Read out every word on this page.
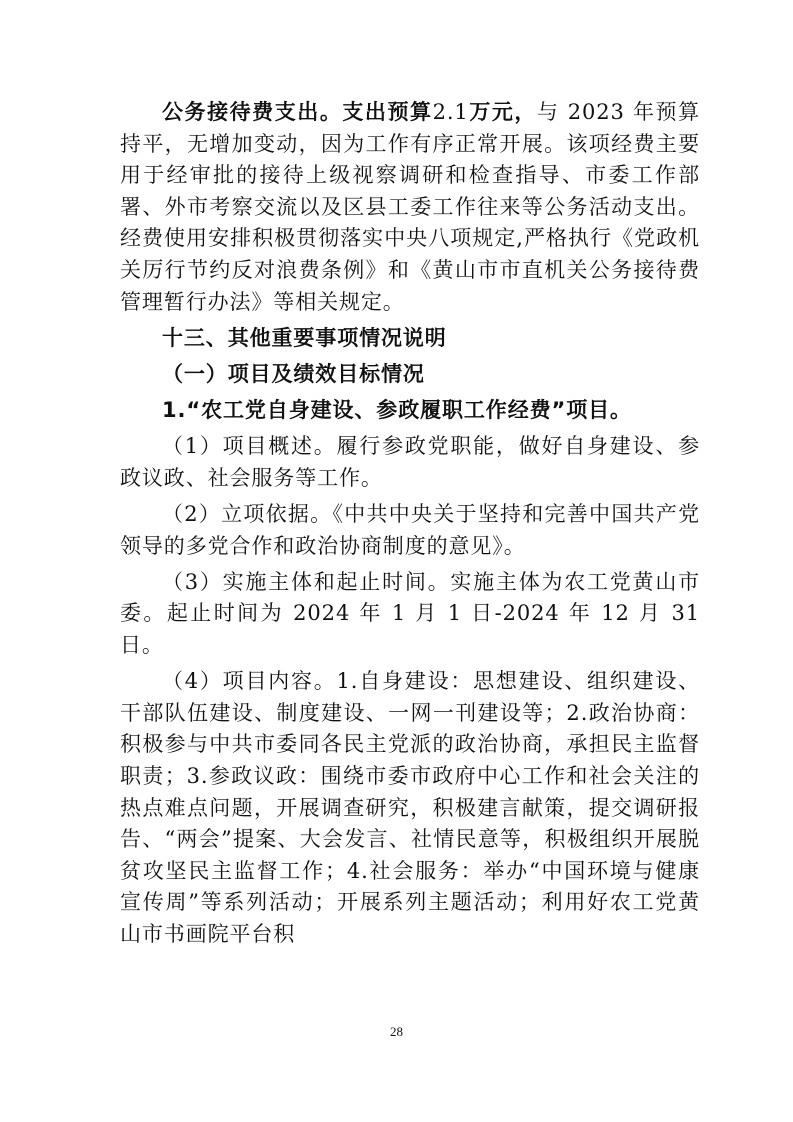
公务接待费支出。支出预算2.1万元，与 2023 年预算持平，无增加变动，因为工作有序正常开展。该项经费主要用于经审批的接待上级视察调研和检查指导、市委工作部署、外市考察交流以及区县工委工作往来等公务活动支出。经费使用安排积极贯彻落实中央八项规定,严格执行《党政机关厉行节约反对浪费条例》和《黄山市市直机关公务接待费管理暂行办法》等相关规定。

十三、其他重要事项情况说明

（一）项目及绩效目标情况

1.“农工党自身建设、参政履职工作经费”项目。

（1）项目概述。履行参政党职能，做好自身建设、参政议政、社会服务等工作。

（2）立项依据。《中共中央关于坚持和完善中国共产党领导的多党合作和政治协商制度的意见》。

（3）实施主体和起止时间。实施主体为农工党黄山市委。起止时间为 2024 年 1 月 1 日-2024 年 12 月 31 日。

（4）项目内容。1.自身建设：思想建设、组织建设、干部队伍建设、制度建设、一网一刊建设等；2.政治协商：积极参与中共市委同各民主党派的政治协商，承担民主监督职责；3.参政议政：围绕市委市政府中心工作和社会关注的热点难点问题，开展调查研究，积极建言献策，提交调研报告、“两会”提案、大会发言、社情民意等，积极组织开展脱贫攻坚民主监督工作；4.社会服务：举办“中国环境与健康宣传周”等系列活动；开展系列主题活动；利用好农工党黄山市书画院平台积

28
